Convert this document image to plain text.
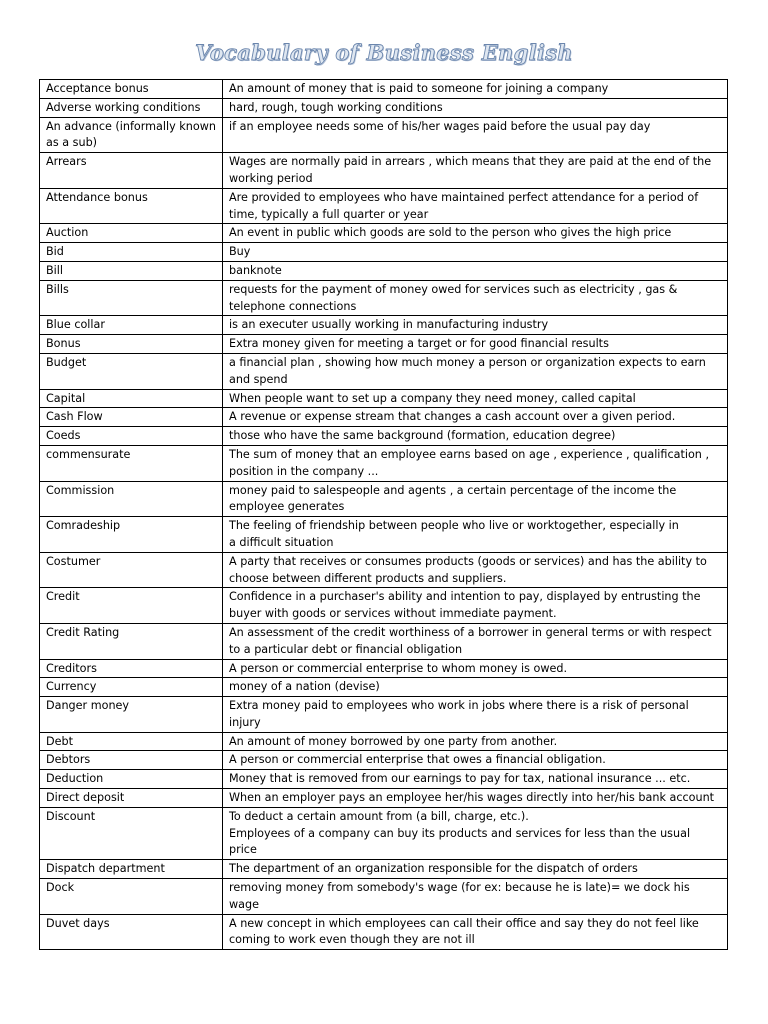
Vocabulary of Business English
Acceptance bonus	An amount of money that is paid to someone for joining a company
Adverse working conditions	hard, rough, tough working conditions
An advance (informally known as a sub)	if an employee needs some of his/her wages paid before the usual pay day
Arrears	Wages are normally paid in arrears , which means that they are paid at the end of the working period
Attendance bonus	Are provided to employees who have maintained perfect attendance for a period of time, typically a full quarter or year
Auction	An event in public which goods are sold to the person who gives the high price
Bid	Buy
Bill	banknote
Bills	requests for the payment of money owed for services such as electricity , gas & telephone connections
Blue collar	is an executer usually working in manufacturing industry
Bonus	Extra money given for meeting a target or for good financial results
Budget	a financial plan , showing how much money a person or organization expects to earn and spend
Capital	When people want to set up a company they need money, called capital
Cash Flow	A revenue or expense stream that changes a cash account over a given period.
Coeds	those who have the same background (formation, education degree)
commensurate	The sum of money that an employee earns based on age , experience , qualification , position in the company ...
Commission	money paid to salespeople and agents , a certain percentage of the income the employee generates
Comradeship	The feeling of friendship between people who live or worktogether, especially in
a difficult situation
Costumer	A party that receives or consumes products (goods or services) and has the ability to choose between different products and suppliers.
Credit	Confidence in a purchaser's ability and intention to pay, displayed by entrusting the buyer with goods or services without immediate payment.
Credit Rating	An assessment of the credit worthiness of a borrower in general terms or with respect to a particular debt or financial obligation
Creditors	A person or commercial enterprise to whom money is owed.
Currency	money of a nation (devise)
Danger money	Extra money paid to employees who work in jobs where there is a risk of personal injury
Debt	An amount of money borrowed by one party from another.
Debtors	A person or commercial enterprise that owes a financial obligation.
Deduction	Money that is removed from our earnings to pay for tax, national insurance ... etc.
Direct deposit	When an employer pays an employee her/his wages directly into her/his bank account
Discount	To deduct a certain amount from (a bill, charge, etc.).
Employees of a company can buy its products and services for less than the usual price
Dispatch department	The department of an organization responsible for the dispatch of orders
Dock	removing money from somebody's wage (for ex: because he is late)= we dock his wage
Duvet days	A new concept in which employees can call their office and say they do not feel like coming to work even though they are not ill
